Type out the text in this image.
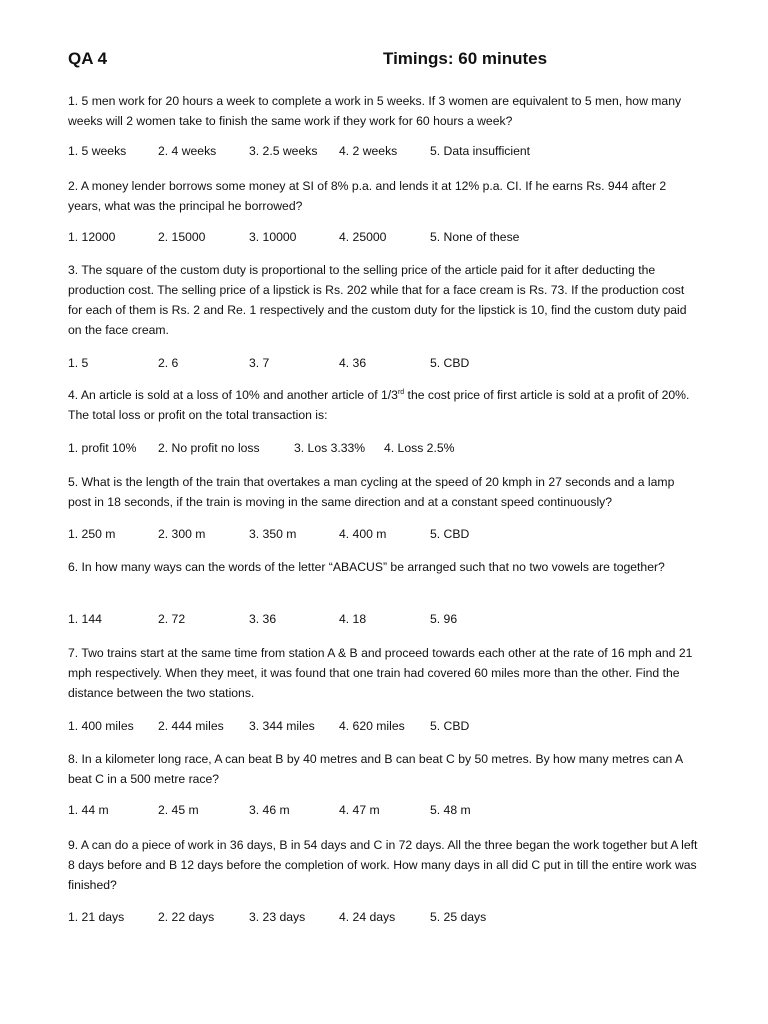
QA 4	Timings: 60 minutes
1. 5 men work for 20 hours a week to complete a work in 5 weeks. If 3 women are equivalent to 5 men, how many weeks will 2 women take to finish the same work if they work for 60 hours a week?
1. 5 weeks	2. 4 weeks	3. 2.5 weeks 4. 2 weeks	5. Data insufficient
2. A money lender borrows some money at SI of 8% p.a. and lends it at 12% p.a. CI. If he earns Rs. 944 after 2 years, what was the principal he borrowed?
1. 12000	2. 15000	3. 10000	4. 25000	5. None of these
3. The square of the custom duty is proportional to the selling price of the article paid for it after deducting the production cost. The selling price of a lipstick is Rs. 202 while that for a face cream is Rs. 73. If the production cost for each of them is Rs. 2 and Re. 1 respectively and the custom duty for the lipstick is 10, find the custom duty paid on the face cream.
1. 5	2. 6	3. 7	4. 36	5. CBD
4. An article is sold at a loss of 10% and another article of 1/3rd the cost price of first article is sold at a profit of 20%. The total loss or profit on the total transaction is:
1. profit 10% 2. No profit no loss	3. Los 3.33% 4. Loss 2.5%
5. What is the length of the train that overtakes a man cycling at the speed of 20 kmph in 27 seconds and a lamp post in 18 seconds, if the train is moving in the same direction and at a constant speed continuously?
1. 250 m	2. 300 m	3. 350 m	4. 400 m	5. CBD
6. In how many ways can the words of the letter “ABACUS” be arranged such that no two vowels are together?
1. 144	2. 72	3. 36	4. 18	5. 96
7. Two trains start at the same time from station A & B and proceed towards each other at the rate of 16 mph and 21 mph respectively. When they meet, it was found that one train had covered 60 miles more than the other. Find the distance between the two stations.
1. 400 miles 2. 444 miles 3. 344 miles 4. 620 miles 5. CBD
8. In a kilometer long race, A can beat B by 40 metres and B can beat C by 50 metres. By how many metres can A beat C in a 500 metre race?
1. 44 m	2. 45 m	3. 46 m	4. 47 m	5. 48 m
9. A can do a piece of work in 36 days, B in 54 days and C in 72 days. All the three began the work together but A left 8 days before and B 12 days before the completion of work. How many days in all did C put in till the entire work was finished?
1. 21 days	2. 22 days	3. 23 days	4. 24 days	5. 25 days
